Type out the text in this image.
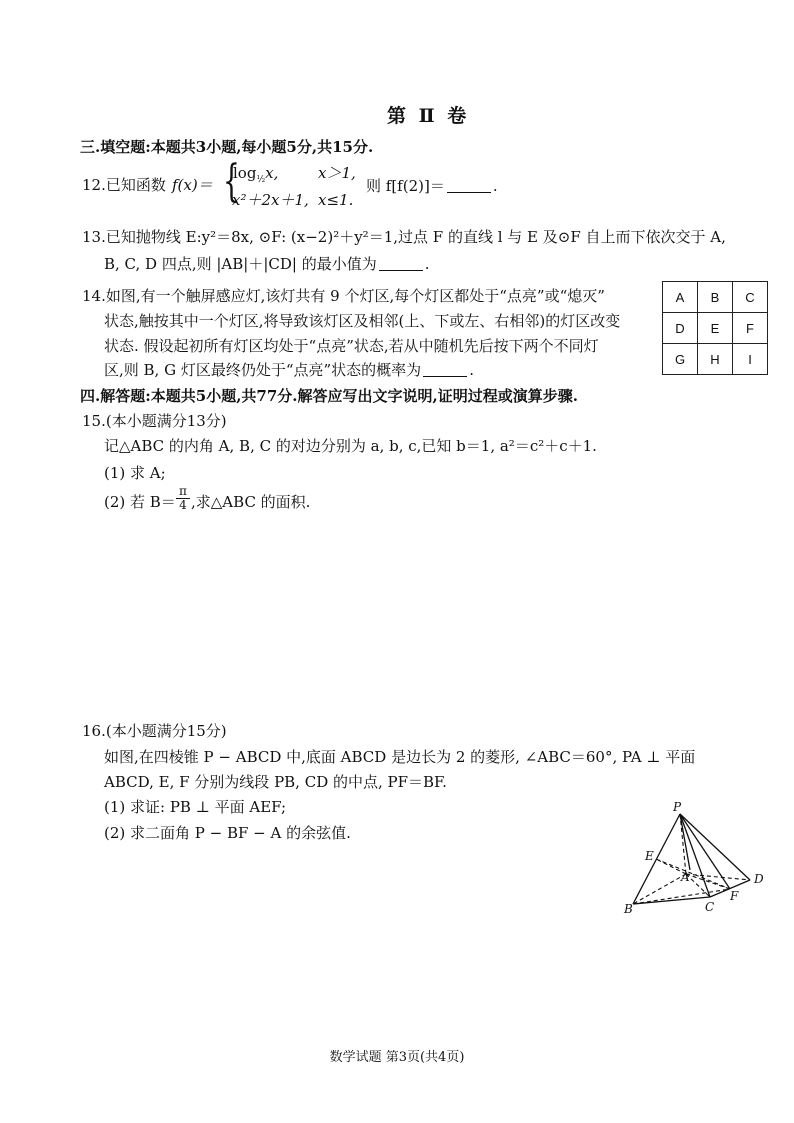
第 Ⅱ 卷
三.填空题:本题共3小题,每小题5分,共15分.
12.已知函数 f(x)＝ {
$\log_{\frac{1}{2}}x$,	x＞1,
x²＋2x＋1, x≤1.
则 f[f(2)]＝	.
13.已知抛物线 E:y²＝8x, ⊙F: (x−2)²＋y²＝1,过点 F 的直线 l 与 E 及⊙F 自上而下依次交于 A,
B, C, D 四点,则 |AB|＋|CD| 的最小值为	.
14.如图,有一个触屏感应灯,该灯共有 9 个灯区,每个灯区都处于“点亮”或“熄灭”
状态,触按其中一个灯区,将导致该灯区及相邻(上、下或左、右相邻)的灯区改变
状态. 假设起初所有灯区均处于“点亮”状态,若从中随机先后按下两个不同灯
区,则 B, G 灯区最终仍处于“点亮”状态的概率为	.
A	B	C
D	E	F
G	H	I
四.解答题:本题共5小题,共77分.解答应写出文字说明,证明过程或演算步骤.
15.(本小题满分13分)
记△ABC 的内角 A, B, C 的对边分别为 a, b, c,已知 b＝1, a²＝c²＋c＋1.
(1) 求 A;
(2) 若 $B= \frac{\pi}{4}$ ,求△ABC 的面积.
16.(本小题满分15分)
如图,在四棱锥 P − ABCD 中,底面 ABCD 是边长为 2 的菱形, ∠ABC＝60°, PA ⊥ 平面
ABCD, E, F 分别为线段 PB, CD 的中点, PF＝BF.
(1) 求证: PB ⊥ 平面 AEF;
(2) 求二面角 P − BF − A 的余弦值.
P
E
A	D
B	C
F
数学试题 第3页(共4页)
